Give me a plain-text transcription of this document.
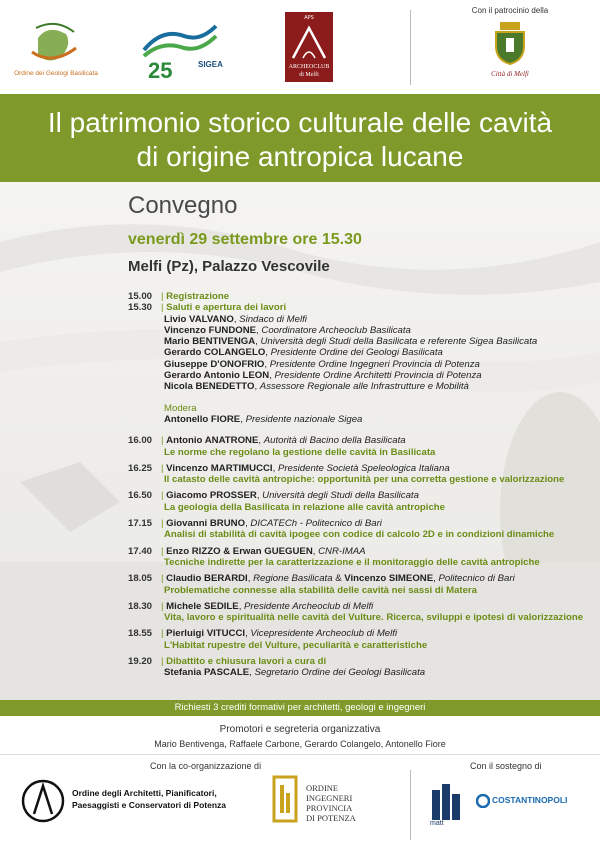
Ordine dei Geologi Basilicata 25	SIGEA
APS
ARCHEOCLUB
di Melfi
Con il patrocinio della
Città di Melfi
Il patrimonio storico culturale delle cavità
di origine antropica lucane
Convegno
venerdì 29 settembre ore 15.30
Melfi (Pz), Palazzo Vescovile
15.00 | Registrazione
15.30 | Saluti e apertura dei lavori
Livio VALVANO, Sindaco di Melfi
Vincenzo FUNDONE, Coordinatore Archeoclub Basilicata
Mario BENTIVENGA, Università degli Studi della Basilicata e referente Sigea Basilicata
Gerardo COLANGELO, Presidente Ordine dei Geologi Basilicata
Giuseppe D'ONOFRIO, Presidente Ordine Ingegneri Provincia di Potenza
Gerardo Antonio LEON, Presidente Ordine Architetti Provincia di Potenza
Nicola BENEDETTO, Assessore Regionale alle Infrastrutture e Mobilità
Modera
Antonello FIORE, Presidente nazionale Sigea
16.00 | Antonio ANATRONE, Autorità di Bacino della Basilicata
Le norme che regolano la gestione delle cavità in Basilicata
16.25 | Vincenzo MARTIMUCCI, Presidente Società Speleologica Italiana
Il catasto delle cavità antropiche: opportunità per una corretta gestione e valorizzazione
16.50 | Giacomo PROSSER, Università degli Studi della Basilicata
La geologia della Basilicata in relazione alle cavità antropiche
17.15 | Giovanni BRUNO, DICATECh - Politecnico di Bari
Analisi di stabilità di cavità ipogee con codice di calcolo 2D e in condizioni dinamiche
17.40 | Enzo RIZZO & Erwan GUEGUEN, CNR-IMAA
Tecniche indirette per la caratterizzazione e il monitoraggio delle cavità antropiche
18.05 | Claudio BERARDI, Regione Basilicata & Vincenzo SIMEONE, Politecnico di Bari
Problematiche connesse alla stabilità delle cavità nei sassi di Matera
18.30 | Michele SEDILE, Presidente Archeoclub di Melfi
Vita, lavoro e spiritualità nelle cavità del Vulture. Ricerca, sviluppi e ipotesi di valorizzazione
18.55 | Pierluigi VITUCCI, Vicepresidente Archeoclub di Melfi
L'Habitat rupestre del Vulture, peculiarità e caratteristiche
19.20 | Dibattito e chiusura lavori a cura di
Stefania PASCALE, Segretario Ordine dei Geologi Basilicata
Richiesti 3 crediti formativi per architetti, geologi e ingegneri
Promotori e segreteria organizzativa
Mario Bentivenga, Raffaele Carbone, Gerardo Colangelo, Antonello Fiore
Con la co-organizzazione di	Con il sostegno di
Ordine degli Architetti, Pianificatori,
Paesaggisti e Conservatori di Potenza
ORDINE
INGEGNERI
PROVINCIA
DI POTENZA
matt
COSTANTINOPOLI
